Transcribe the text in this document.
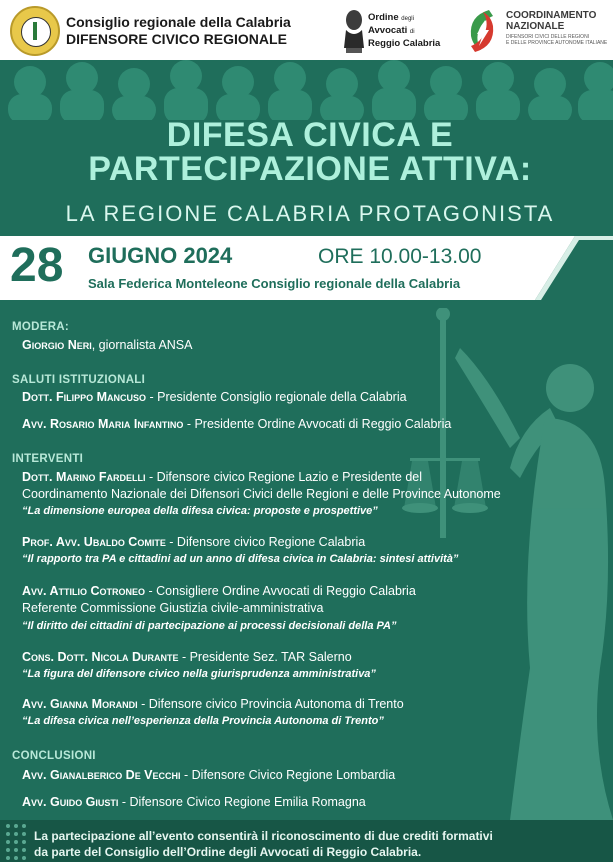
Consiglio regionale della Calabria
DIFENSORE CIVICO REGIONALE
Ordine degli
Avvocati di
Reggio Calabria
COORDINAMENTO
NAZIONALE
DIFENSORI CIVICI DELLE REGIONI
E DELLE PROVINCE AUTONOME ITALIANE
DIFESA CIVICA E
PARTECIPAZIONE ATTIVA:
LA REGIONE CALABRIA PROTAGONISTA
28 GIUGNO 2024	ORE 10.00-13.00
Sala Federica Monteleone Consiglio regionale della Calabria
MODERA:
Giorgio Neri, giornalista ANSA
SALUTI ISTITUZIONALI
Dott. Filippo Mancuso - Presidente Consiglio regionale della Calabria
Avv. Rosario Maria Infantino - Presidente Ordine Avvocati di Reggio Calabria
INTERVENTI
Dott. Marino Fardelli - Difensore civico Regione Lazio e Presidente del
Coordinamento Nazionale dei Difensori Civici delle Regioni e delle Province Autonome
“La dimensione europea della difesa civica: proposte e prospettive”
Prof. Avv. Ubaldo Comite - Difensore civico Regione Calabria
“Il rapporto tra PA e cittadini ad un anno di difesa civica in Calabria: sintesi attività”
Avv. Attilio Cotroneo - Consigliere Ordine Avvocati di Reggio Calabria
Referente Commissione Giustizia civile-amministrativa
“Il diritto dei cittadini di partecipazione ai processi decisionali della PA”
Cons. Dott. Nicola Durante - Presidente Sez. TAR Salerno
“La figura del difensore civico nella giurisprudenza amministrativa”
Avv. Gianna Morandi - Difensore civico Provincia Autonoma di Trento
“La difesa civica nell’esperienza della Provincia Autonoma di Trento”
CONCLUSIONI
Avv. Gianalberico De Vecchi - Difensore Civico Regione Lombardia
Avv. Guido Giusti - Difensore Civico Regione Emilia Romagna

La partecipazione all’evento consentirà il riconoscimento di due crediti formativi
da parte del Consiglio dell’Ordine degli Avvocati di Reggio Calabria.
